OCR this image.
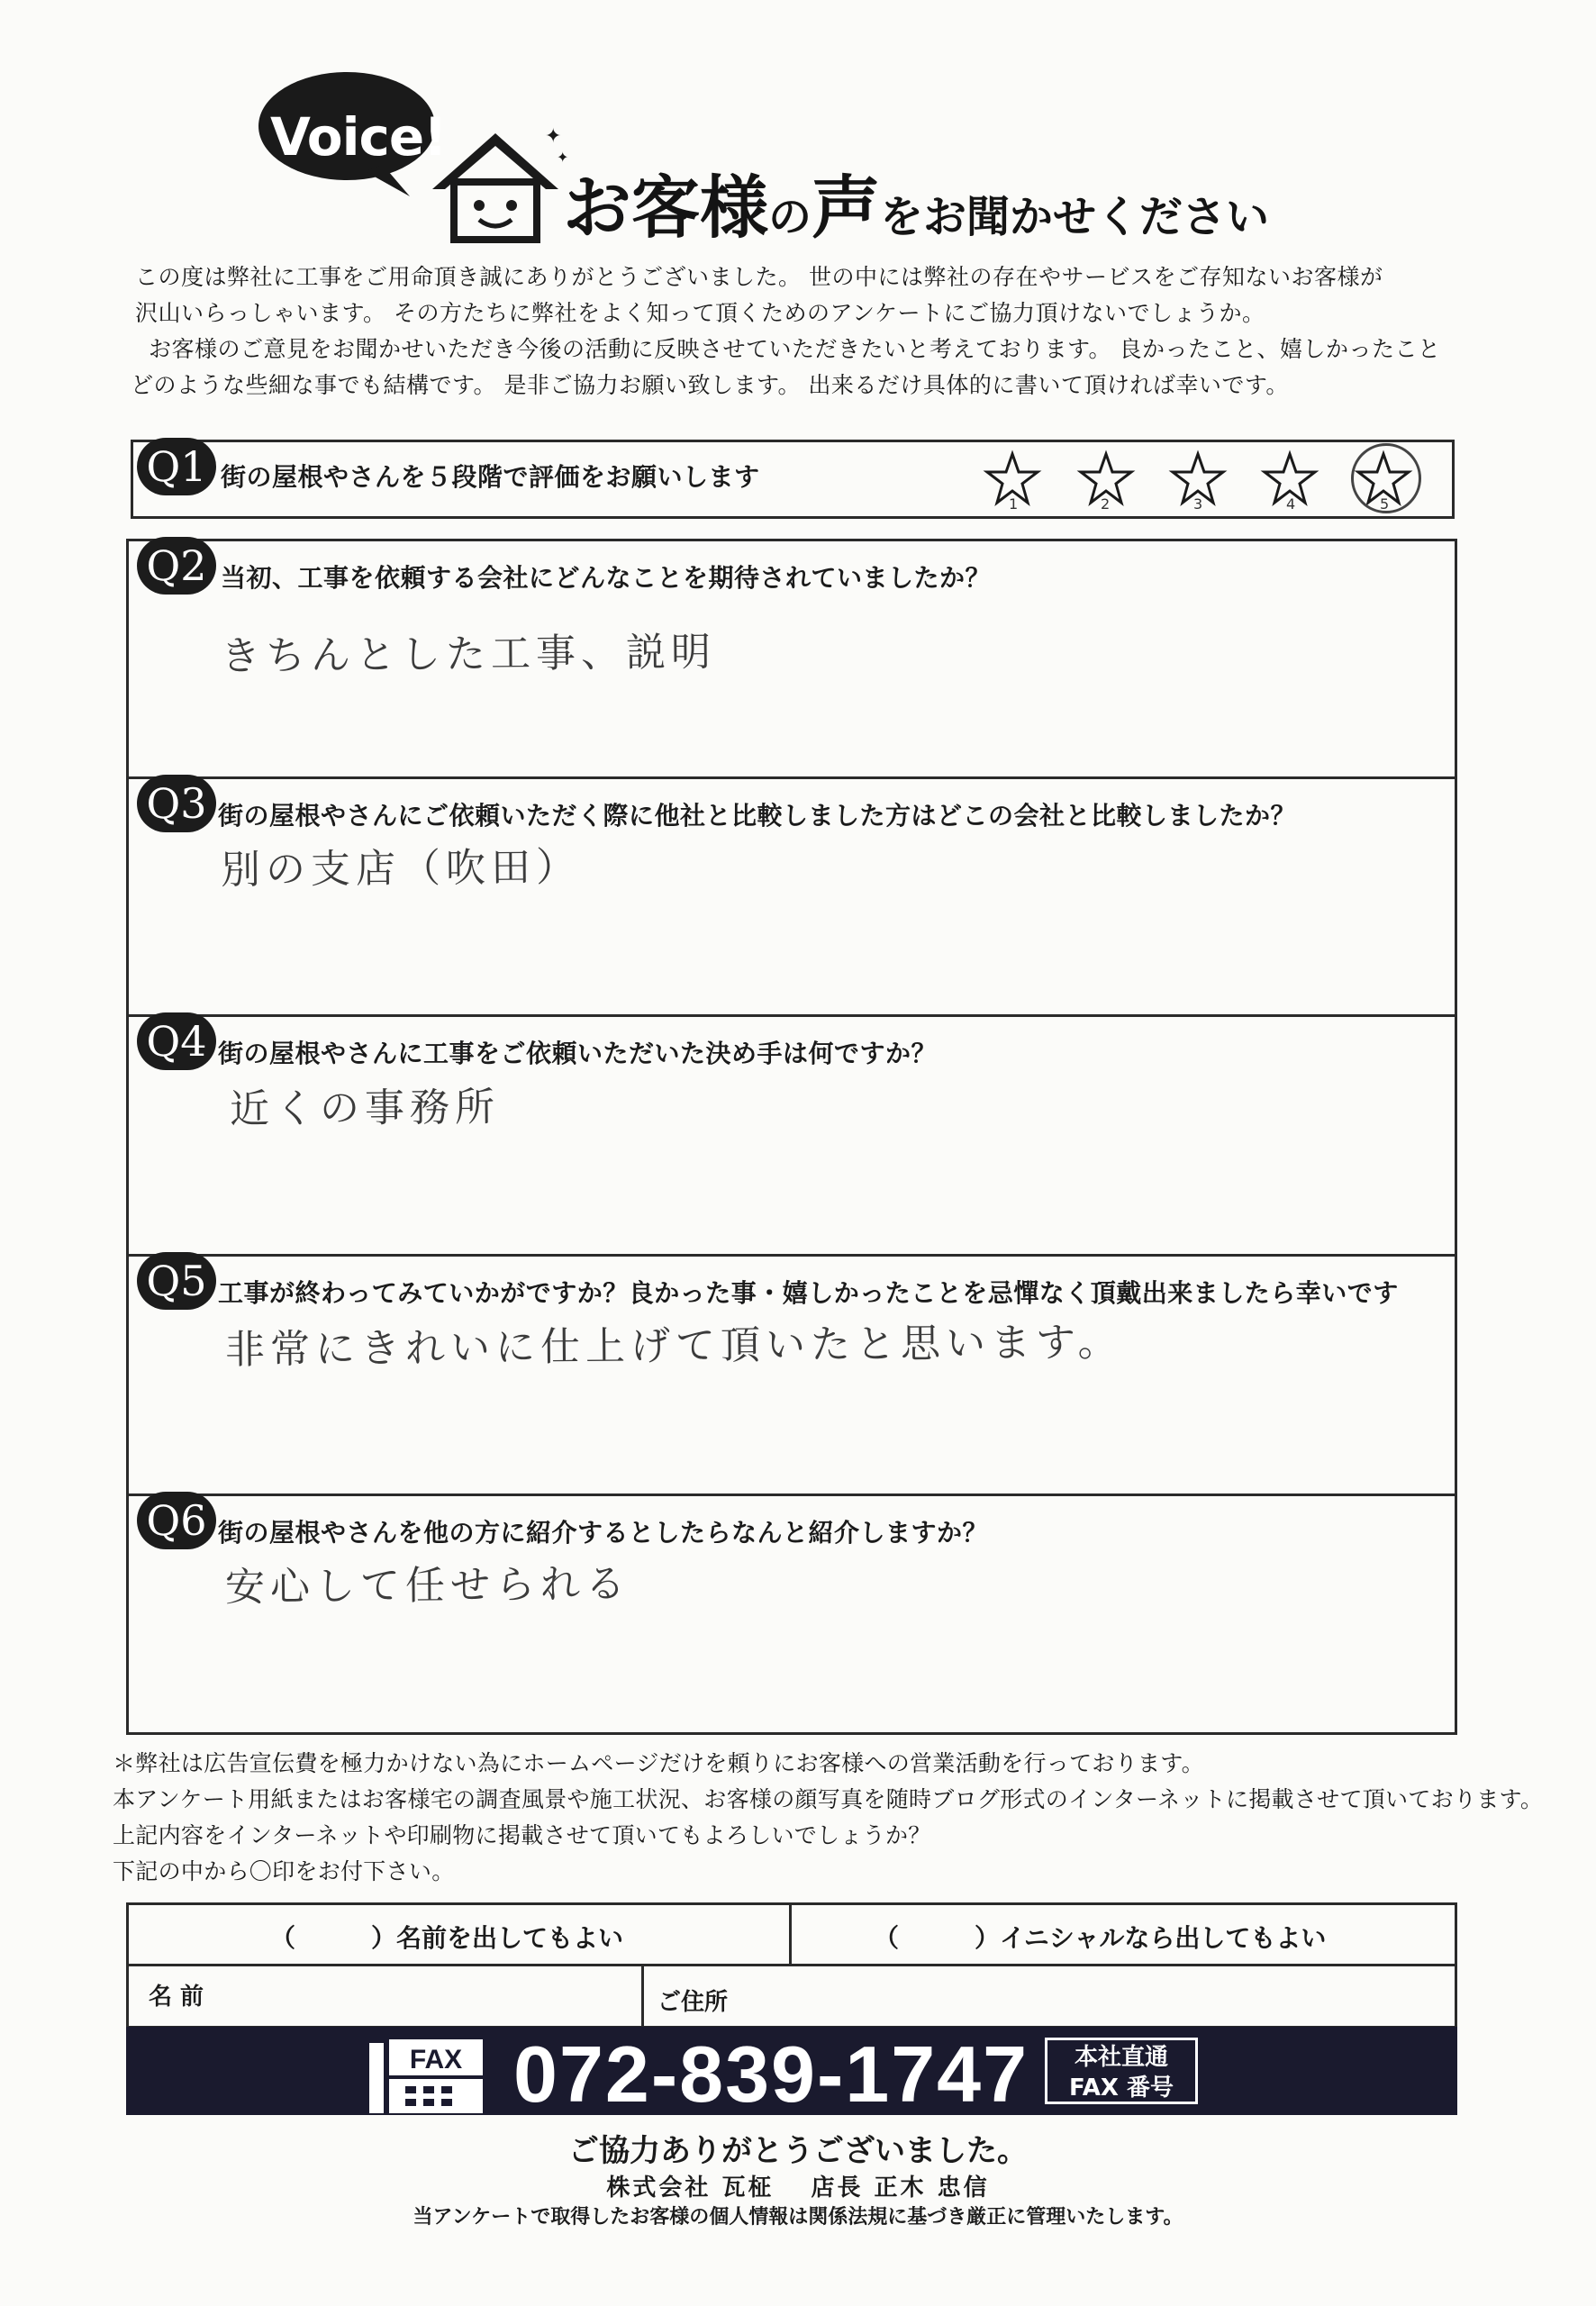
Voice!	✦
✦
お客様の声をお聞かせください
この度は弊社に工事をご用命頂き誠にありがとうございました。 世の中には弊社の存在やサービスをご存知ないお客様が
沢山いらっしゃいます。 その方たちに弊社をよく知って頂くためのアンケートにご協力頂けないでしょうか。
お客様のご意見をお聞かせいただき今後の活動に反映させていただきたいと考えております。 良かったこと、嬉しかったこと
どのような些細な事でも結構です。 是非ご協力お願い致します。 出来るだけ具体的に書いて頂ければ幸いです。
Q1 街の屋根やさんを５段階で評価をお願いします
1	2	3	4	5
Q2 当初、工事を依頼する会社にどんなことを期待されていましたか？
きちんとした工事、説明
Q3 街の屋根やさんにご依頼いただく際に他社と比較しました方はどこの会社と比較しましたか？
別の支店（吹田）
Q4 街の屋根やさんに工事をご依頼いただいた決め手は何ですか？
近くの事務所
Q5 工事が終わってみていかがですか？良かった事・嬉しかったことを忌憚なく頂戴出来ましたら幸いです
非常にきれいに仕上げて頂いたと思います。
Q6 街の屋根やさんを他の方に紹介するとしたらなんと紹介しますか？
安心して任せられる
＊弊社は広告宣伝費を極力かけない為にホームページだけを頼りにお客様への営業活動を行っております。
本アンケート用紙またはお客様宅の調査風景や施工状況、お客様の顔写真を随時ブログ形式のインターネットに掲載させて頂いております。
上記内容をインターネットや印刷物に掲載させて頂いてもよろしいでしょうか？
下記の中から〇印をお付下さい。
（　　　）名前を出してもよい	（　　　）イニシャルなら出してもよい
名 前	ご住所
FAX 072-839-1747	本社直通
FAX 番号
ご協力ありがとうございました。
株式会社 瓦柾　 店長 正木 忠信
当アンケートで取得したお客様の個人情報は関係法規に基づき厳正に管理いたします。
